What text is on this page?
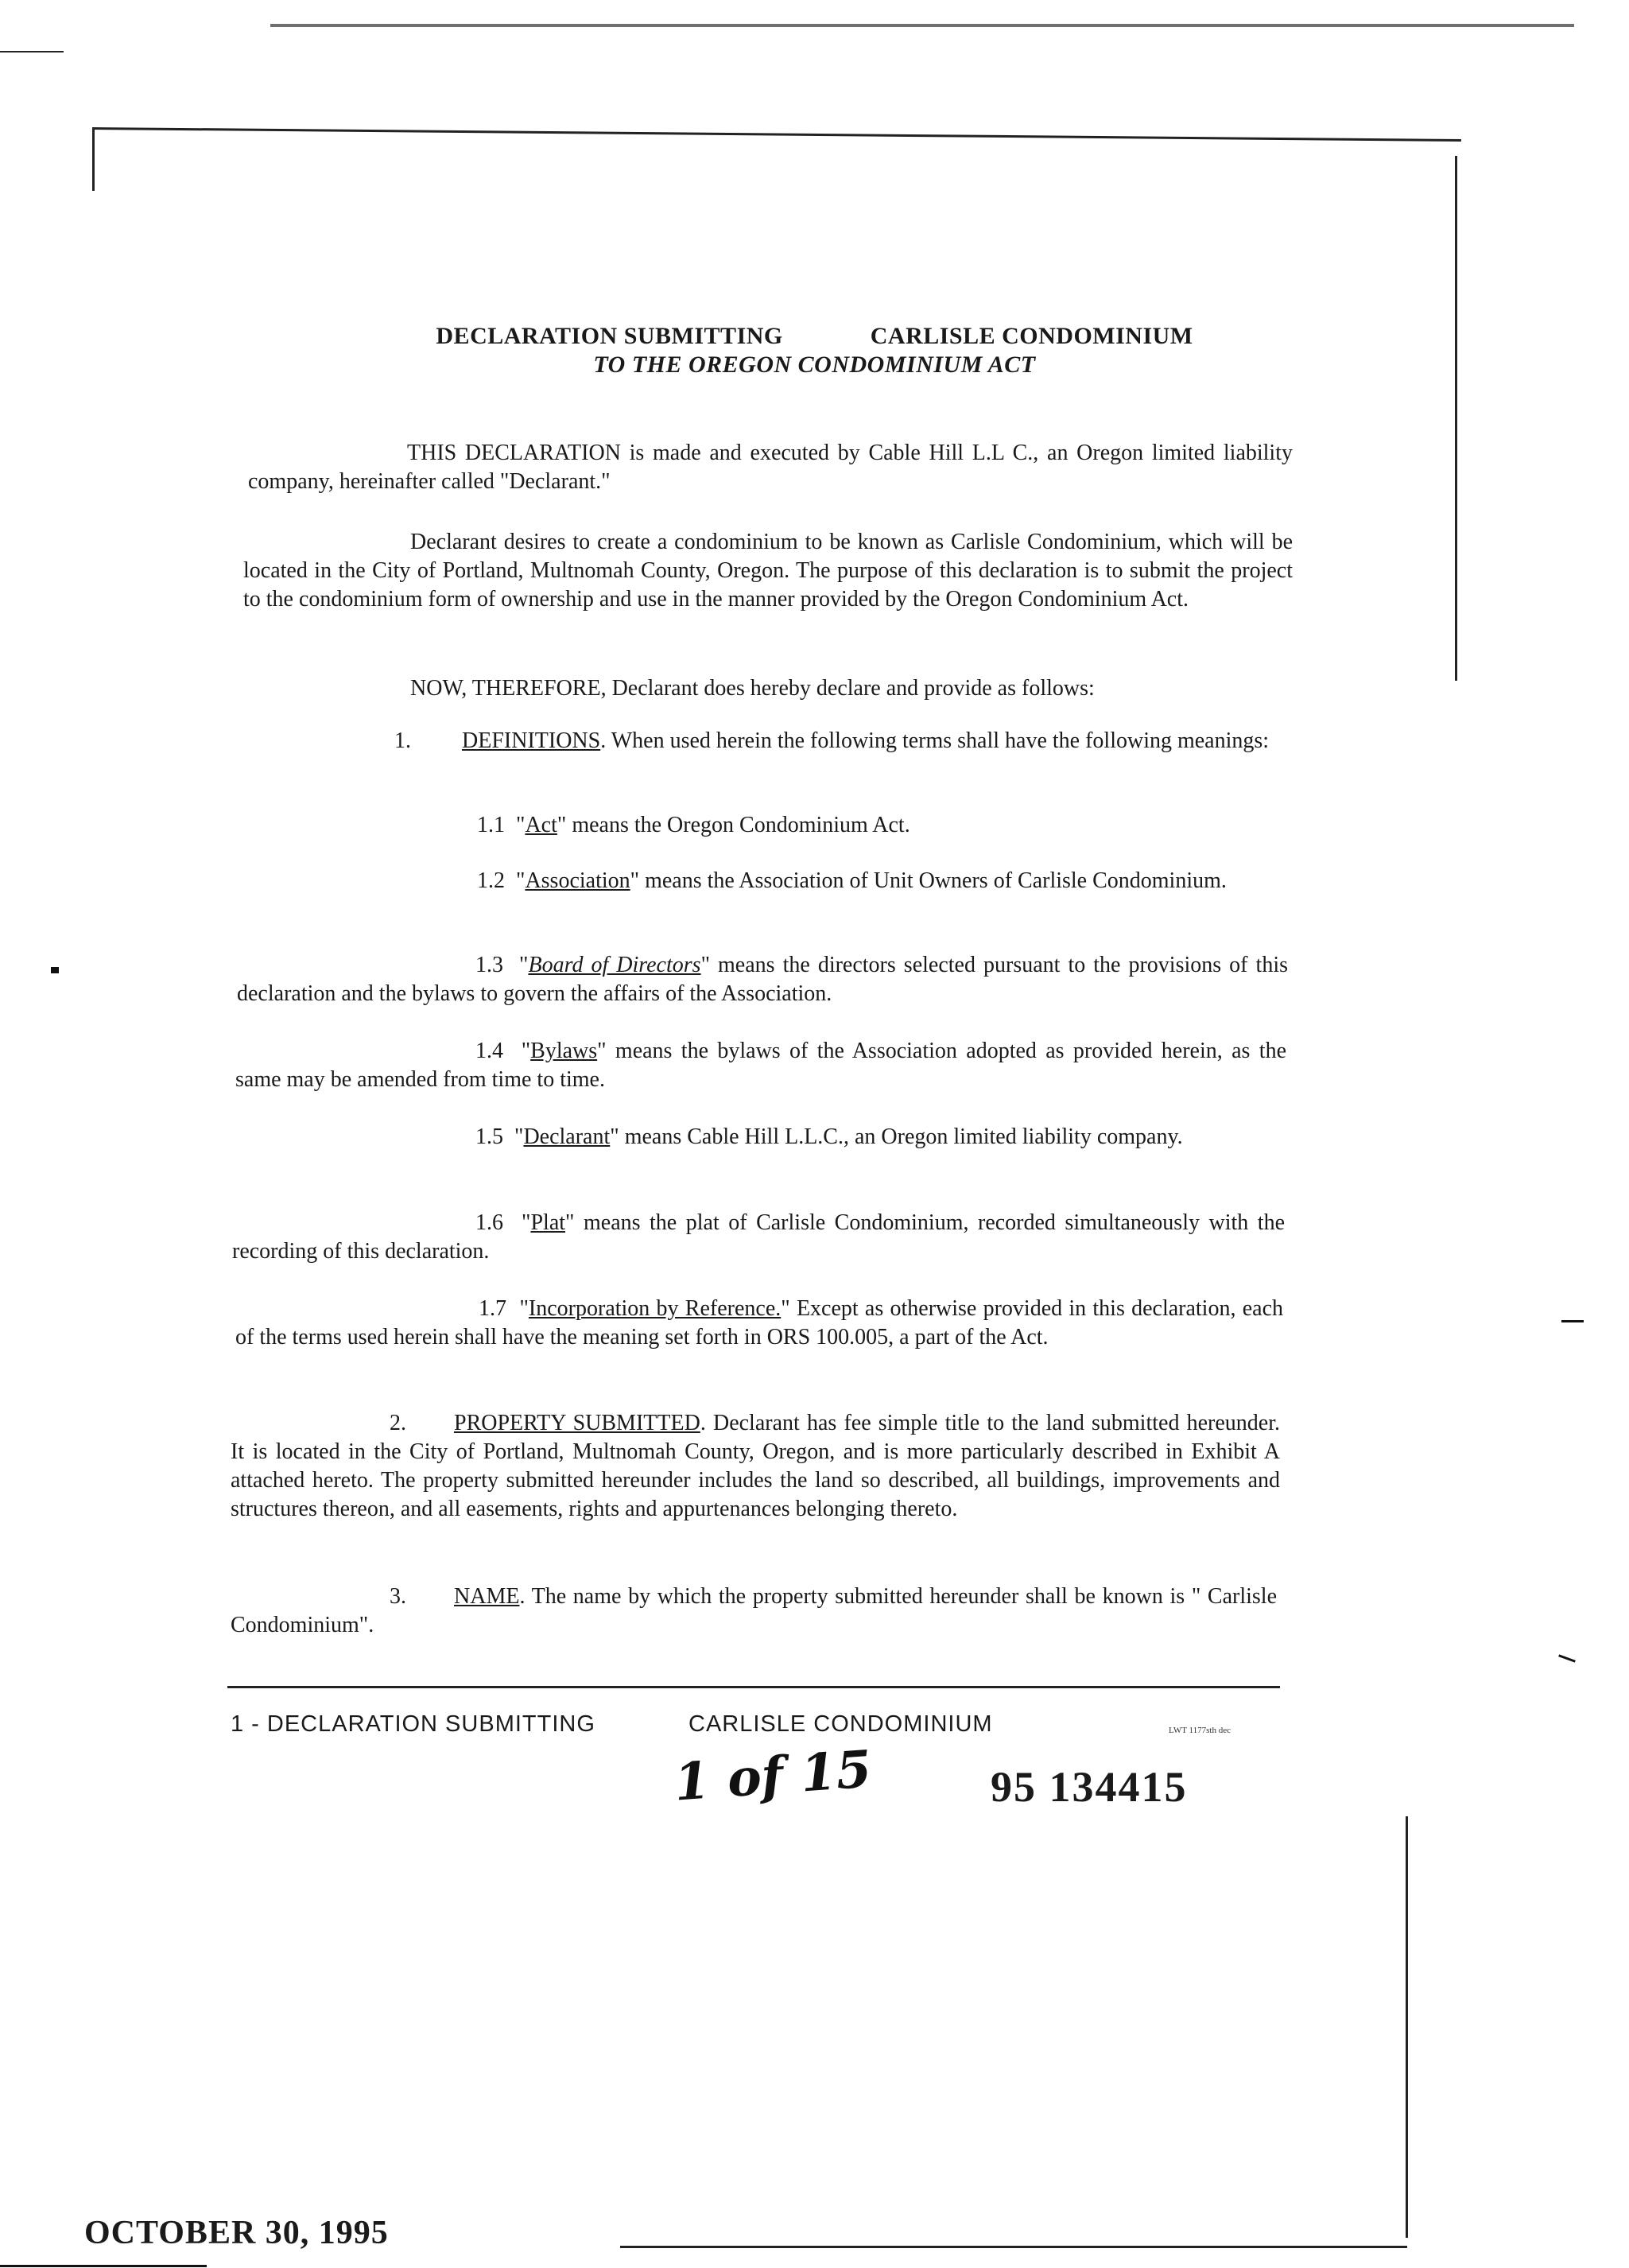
​
​
DECLARATION SUBMITTING	CARLISLE CONDOMINIUM
TO THE OREGON CONDOMINIUM ACT
THIS DECLARATION is made and executed by Cable Hill L.L C., an Oregon limited liability company, hereinafter called "Declarant."
Declarant desires to create a condominium to be known as Carlisle Condominium, which will be located in the City of Portland, Multnomah County, Oregon. The purpose of this declaration is to submit the project to the condominium form of ownership and use in the manner provided by the Oregon Condominium Act.
NOW, THEREFORE, Declarant does hereby declare and provide as follows:
1. DEFINITIONS. When used herein the following terms shall have the following meanings:
1.1  "Act" means the Oregon Condominium Act.
1.2  "Association" means the Association of Unit Owners of Carlisle Condominium.
1.3  "Board of Directors" means the directors selected pursuant to the provisions of this declaration and the bylaws to govern the affairs of the Association.
1.4  "Bylaws" means the bylaws of the Association adopted as provided herein, as the same may be amended from time to time.
1.5  "Declarant" means Cable Hill L.L.C., an Oregon limited liability company.
1.6  "Plat" means the plat of Carlisle Condominium, recorded simultaneously with the recording of this declaration.
1.7  "Incorporation by Reference." Except as otherwise provided in this declaration, each of the terms used herein shall have the meaning set forth in ORS 100.005, a part of the Act.
2. PROPERTY SUBMITTED. Declarant has fee simple title to the land submitted hereunder. It is located in the City of Portland, Multnomah County, Oregon, and is more particularly described in Exhibit A attached hereto. The property submitted hereunder includes the land so described, all buildings, improvements and structures thereon, and all easements, rights and appurtenances belonging thereto.
3. NAME. The name by which the property submitted hereunder shall be known is " Carlisle Condominium".
1 - DECLARATION SUBMITTING	CARLISLE CONDOMINIUM	LWT 1177sth dec
1 of 15	95 134415
OCTOBER 30, 1995
